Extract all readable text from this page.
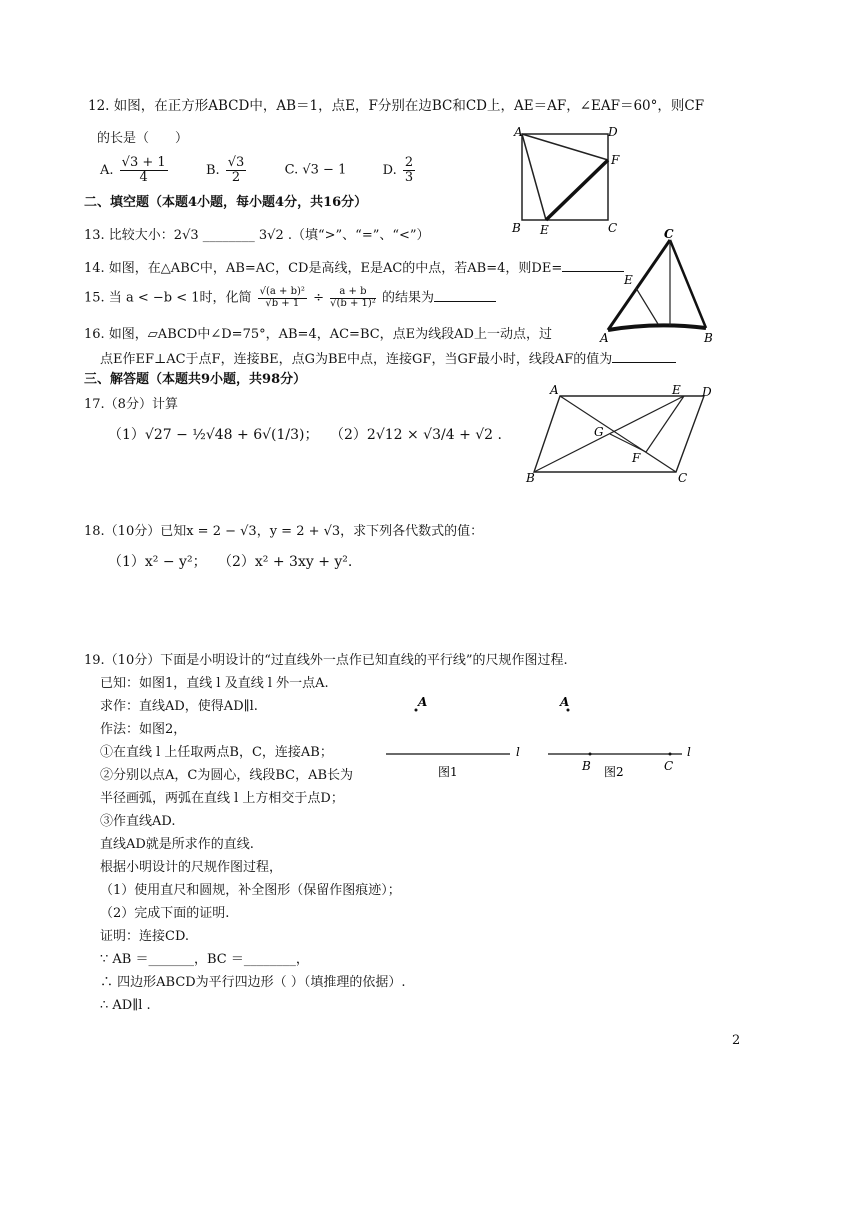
12. 如图，在正方形ABCD中，AB＝1，点E，F分别在边BC和CD上，AE＝AF，∠EAF＝60°，则CF
的长是（　　）
A. $\frac{√3 + 1}{4}$	B. $\frac{√3}{2}$	C. √3 − 1	D. $\frac{2}{3}$
A	D
F
B E	C
二、填空题（本题4小题，每小题4分，共16分）
13. 比较大小：2√3 ________ 3√2 .（填“>”、“=”、“<”）
14. 如图，在△ABC中，AB=AC，CD是高线，E是AC的中点，若AB=4，则DE=
C
E
A	B
15. 当 a < −b < 1时，化简 $\frac{\text{√(a + b)²}}{√b + 1} \div \frac{a + b}{\text{√(b + 1)²}}$ 的结果为
16. 如图，▱ABCD中∠D=75°，AB=4，AC=BC，点E为线段AD上一动点，过
点E作EF⊥AC于点F，连接BE，点G为BE中点，连接GF，当GF最小时，线段AF的值为
三、解答题（本题共9小题，共98分）
A	E D
G
F
B	C
17.（8分）计算
（1）√27 − ½√48 + 6√(1/3)； （2）2√12 × √3/4 + √2 .
18.（10分）已知x = 2 − √3，y = 2 + √3，求下列各代数式的值：
（1）x² − y²； （2）x² + 3xy + y².
19.（10分）下面是小明设计的“过直线外一点作已知直线的平行线”的尺规作图过程.
已知：如图1，直线 l 及直线 l 外一点A.
求作：直线AD，使得AD∥l.
作法：如图2，
①在直线 l 上任取两点B，C，连接AB；
②分别以点A，C为圆心，线段BC，AB长为
半径画弧，两弧在直线 l 上方相交于点D；
③作直线AD.
直线AD就是所求作的直线.
根据小明设计的尺规作图过程，
（1）使用直尺和圆规，补全图形（保留作图痕迹）；
（2）完成下面的证明.
证明：连接CD.
∵ AB ＝_______，BC ＝________，
∴ 四边形ABCD为平行四边形（ ）（填推理的依据）.
∴ AD∥l .
A
l
图1
A
B	C
l
图2
2
